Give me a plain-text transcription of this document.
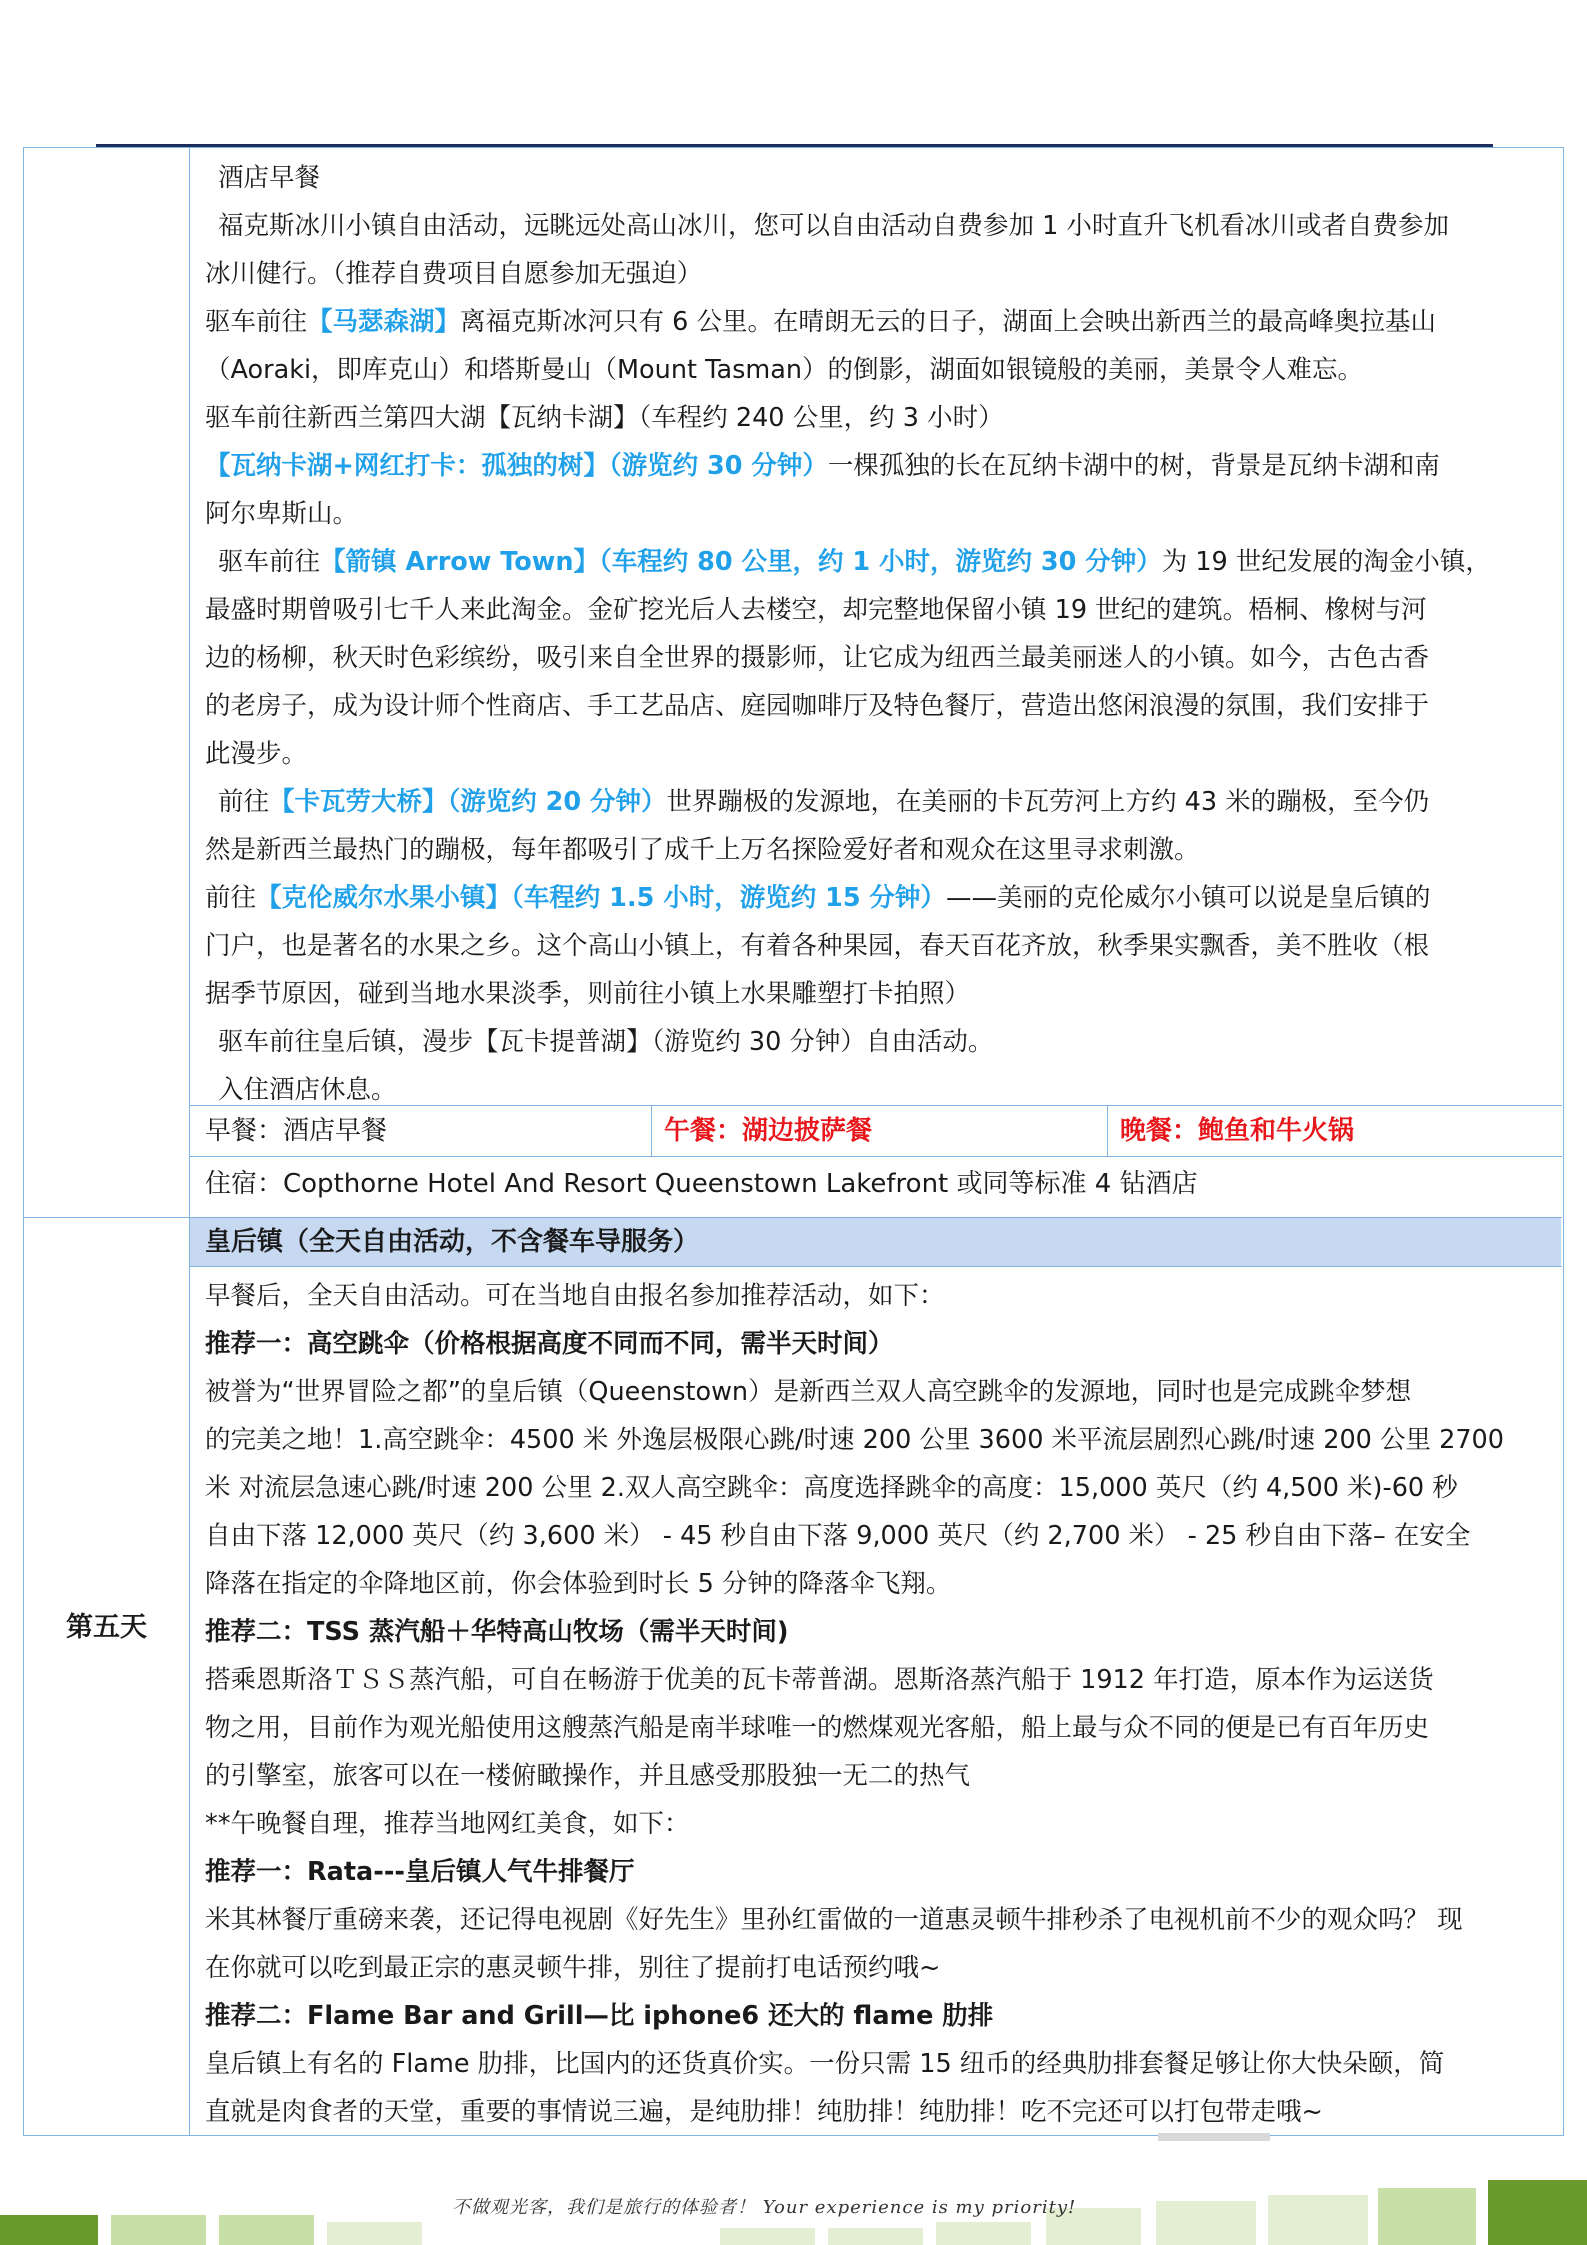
酒店早餐

福克斯冰川小镇自由活动，远眺远处高山冰川，您可以自由活动自费参加 1 小时直升飞机看冰川或者自费参加

冰川健行。（推荐自费项目自愿参加无强迫）

驱车前往【马瑟森湖】离福克斯冰河只有 6 公里。在晴朗无云的日子，湖面上会映出新西兰的最高峰奥拉基山

（Aoraki，即库克山）和塔斯曼山（Mount Tasman）的倒影，湖面如银镜般的美丽，美景令人难忘。

驱车前往新西兰第四大湖【瓦纳卡湖】（车程约 240 公里，约 3 小时）

【瓦纳卡湖+网红打卡：孤独的树】（游览约 30 分钟）一棵孤独的长在瓦纳卡湖中的树，背景是瓦纳卡湖和南

阿尔卑斯山。

驱车前往【箭镇 Arrow Town】（车程约 80 公里，约 1 小时，游览约 30 分钟）为 19 世纪发展的淘金小镇，

最盛时期曾吸引七千人来此淘金。金矿挖光后人去楼空，却完整地保留小镇 19 世纪的建筑。梧桐、橡树与河

边的杨柳，秋天时色彩缤纷，吸引来自全世界的摄影师，让它成为纽西兰最美丽迷人的小镇。如今，古色古香

的老房子，成为设计师个性商店、手工艺品店、庭园咖啡厅及特色餐厅，营造出悠闲浪漫的氛围，我们安排于

此漫步。

前往【卡瓦劳大桥】（游览约 20 分钟）世界蹦极的发源地，在美丽的卡瓦劳河上方约 43 米的蹦极，至今仍

然是新西兰最热门的蹦极，每年都吸引了成千上万名探险爱好者和观众在这里寻求刺激。

前往【克伦威尔水果小镇】（车程约 1.5 小时，游览约 15 分钟）——美丽的克伦威尔小镇可以说是皇后镇的

门户，也是著名的水果之乡。这个高山小镇上，有着各种果园，春天百花齐放，秋季果实飘香，美不胜收（根

据季节原因，碰到当地水果淡季，则前往小镇上水果雕塑打卡拍照）

驱车前往皇后镇，漫步【瓦卡提普湖】（游览约 30 分钟）自由活动。

入住酒店休息。

早餐：酒店早餐	午餐：湖边披萨餐	晚餐：鲍鱼和牛火锅

住宿：Copthorne Hotel And Resort Queenstown Lakefront 或同等标准 4 钻酒店

皇后镇（全天自由活动，不含餐车导服务）

第五天

早餐后，全天自由活动。可在当地自由报名参加推荐活动，如下：

推荐一：高空跳伞（价格根据高度不同而不同，需半天时间）

被誉为“世界冒险之都”的皇后镇（Queenstown）是新西兰双人高空跳伞的发源地，同时也是完成跳伞梦想

的完美之地！1.高空跳伞：4500 米 外逸层极限心跳/时速 200 公里 3600 米平流层剧烈心跳/时速 200 公里 2700

米 对流层急速心跳/时速 200 公里 2.双人高空跳伞：高度选择跳伞的高度：15,000 英尺（约 4,500 米)-60 秒

自由下落 12,000 英尺（约 3,600 米） - 45 秒自由下落 9,000 英尺（约 2,700 米） - 25 秒自由下落– 在安全

降落在指定的伞降地区前，你会体验到时长 5 分钟的降落伞飞翔。

推荐二：TSS 蒸汽船＋华特高山牧场（需半天时间)

搭乘恩斯洛ＴＳＳ蒸汽船，可自在畅游于优美的瓦卡蒂普湖。恩斯洛蒸汽船于 1912 年打造，原本作为运送货

物之用，目前作为观光船使用这艘蒸汽船是南半球唯一的燃煤观光客船，船上最与众不同的便是已有百年历史

的引擎室，旅客可以在一楼俯瞰操作，并且感受那股独一无二的热气

**午晚餐自理，推荐当地网红美食，如下：

推荐一：Rata---皇后镇人气牛排餐厅

米其林餐厅重磅来袭，还记得电视剧《好先生》里孙红雷做的一道惠灵顿牛排秒杀了电视机前不少的观众吗？ 现

在你就可以吃到最正宗的惠灵顿牛排，别往了提前打电话预约哦~

推荐二：Flame Bar and Grill—比 iphone6 还大的 flame 肋排

皇后镇上有名的 Flame 肋排，比国内的还货真价实。一份只需 15 纽币的经典肋排套餐足够让你大快朵颐，简

直就是肉食者的天堂，重要的事情说三遍，是纯肋排！纯肋排！纯肋排！吃不完还可以打包带走哦~

不做观光客，我们是旅行的体验者！ Your experience is my priority!
